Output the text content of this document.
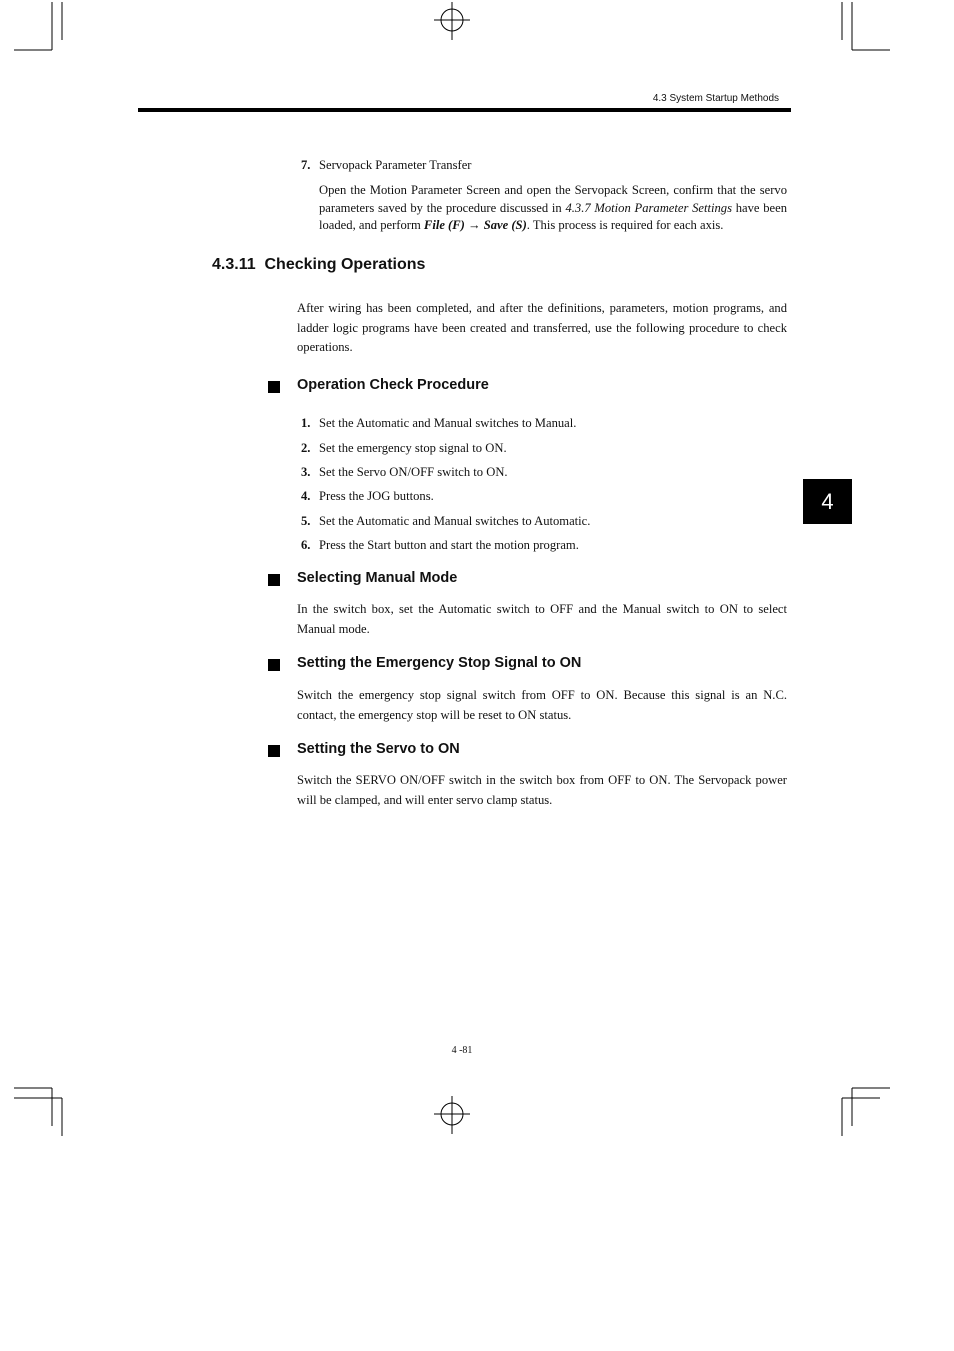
4.3 System Startup Methods
7. Servopack Parameter Transfer
Open the Motion Parameter Screen and open the Servopack Screen, confirm that the servo parameters saved by the procedure discussed in 4.3.7 Motion Parameter Settings have been loaded, and perform File (F) → Save (S). This process is required for each axis.
4.3.11  Checking Operations
After wiring has been completed, and after the definitions, parameters, motion programs, and ladder logic programs have been created and transferred, use the following procedure to check operations.
Operation Check Procedure
1. Set the Automatic and Manual switches to Manual.
2. Set the emergency stop signal to ON.
3. Set the Servo ON/OFF switch to ON.
4. Press the JOG buttons.
5. Set the Automatic and Manual switches to Automatic.
6. Press the Start button and start the motion program.
Selecting Manual Mode
In the switch box, set the Automatic switch to OFF and the Manual switch to ON to select Manual mode.
Setting the Emergency Stop Signal to ON
Switch the emergency stop signal switch from OFF to ON. Because this signal is an N.C. contact, the emergency stop will be reset to ON status.
Setting the Servo to ON
Switch the SERVO ON/OFF switch in the switch box from OFF to ON. The Servopack power will be clamped, and will enter servo clamp status.
4
4 -81
